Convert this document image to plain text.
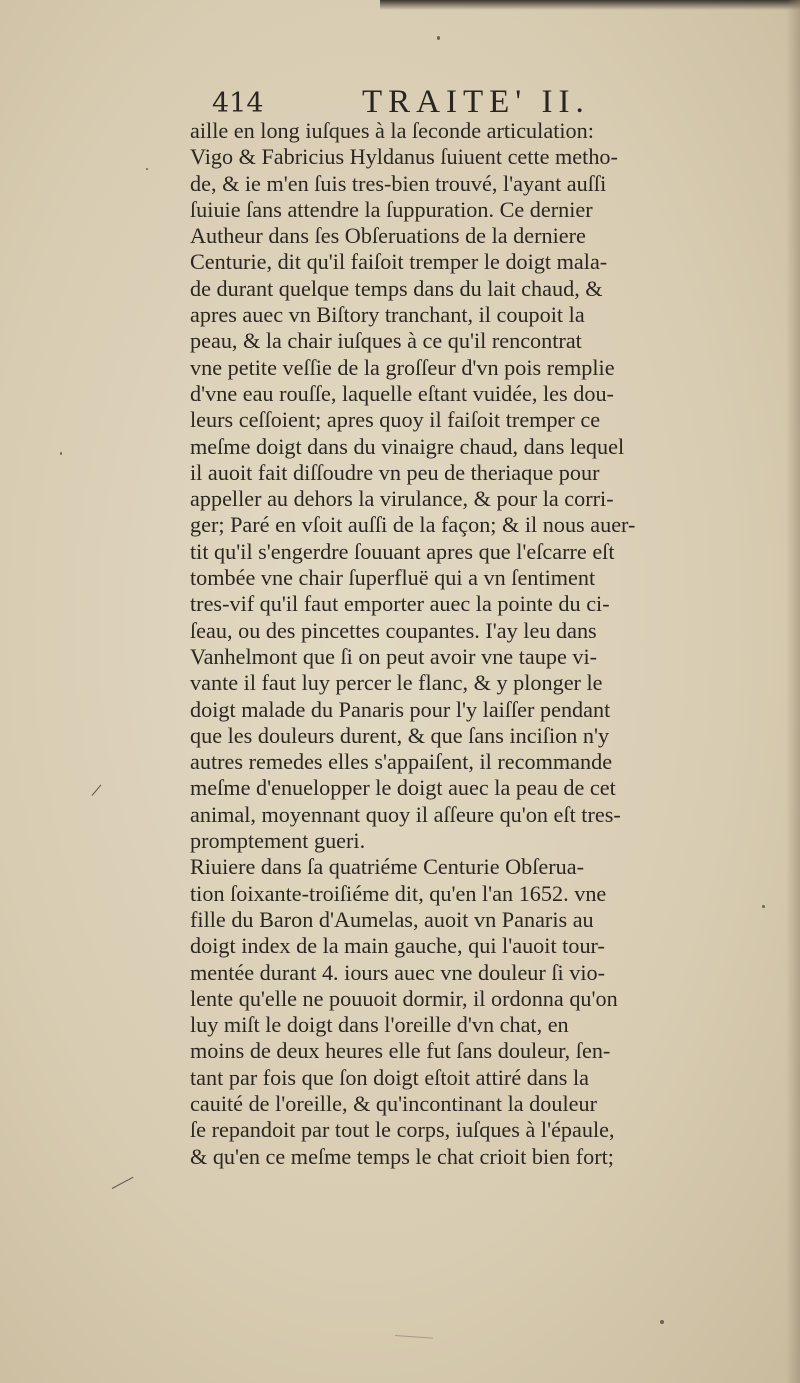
414	TRAITE' II.
aille en long iuſques à la ſeconde articulation:
Vigo & Fabricius Hyldanus ſuiuent cette metho-
de, & ie m'en ſuis tres-bien trouvé, l'ayant auſſi
ſuiuie ſans attendre la ſuppuration. Ce dernier
Autheur dans ſes Obſeruations de la derniere
Centurie, dit qu'il faiſoit tremper le doigt mala-
de durant quelque temps dans du lait chaud, &
apres auec vn Biſtory tranchant, il coupoit la
peau, & la chair iuſques à ce qu'il rencontrat
vne petite veſſie de la groſſeur d'vn pois remplie
d'vne eau rouſſe, laquelle eſtant vuidée, les dou-
leurs ceſſoient; apres quoy il faiſoit tremper ce
meſme doigt dans du vinaigre chaud, dans lequel
il auoit fait diſſoudre vn peu de theriaque pour
appeller au dehors la virulance, & pour la corri-
ger; Paré en vſoit auſſi de la façon; & il nous auer-
tit qu'il s'engerdre ſouuant apres que l'eſcarre eſt
tombée vne chair ſuperfluë qui a vn ſentiment
tres-vif qu'il faut emporter auec la pointe du ci-
ſeau, ou des pincettes coupantes. I'ay leu dans
Vanhelmont que ſi on peut avoir vne taupe vi-
vante il faut luy percer le flanc, & y plonger le
doigt malade du Panaris pour l'y laiſſer pendant
que les douleurs durent, & que ſans inciſion n'y
autres remedes elles s'appaiſent, il recommande
meſme d'enuelopper le doigt auec la peau de cet
animal, moyennant quoy il aſſeure qu'on eſt tres-
promptement gueri.
Riuiere dans ſa quatriéme Centurie Obſerua-
tion ſoixante-troiſiéme dit, qu'en l'an 1652. vne
fille du Baron d'Aumelas, auoit vn Panaris au
doigt index de la main gauche, qui l'auoit tour-
mentée durant 4. iours auec vne douleur ſi vio-
lente qu'elle ne pouuoit dormir, il ordonna qu'on
luy miſt le doigt dans l'oreille d'vn chat, en
moins de deux heures elle fut ſans douleur, ſen-
tant par fois que ſon doigt eſtoit attiré dans la
cauité de l'oreille, & qu'incontinant la douleur
ſe repandoit par tout le corps, iuſques à l'épaule,
& qu'en ce meſme temps le chat crioit bien fort;
